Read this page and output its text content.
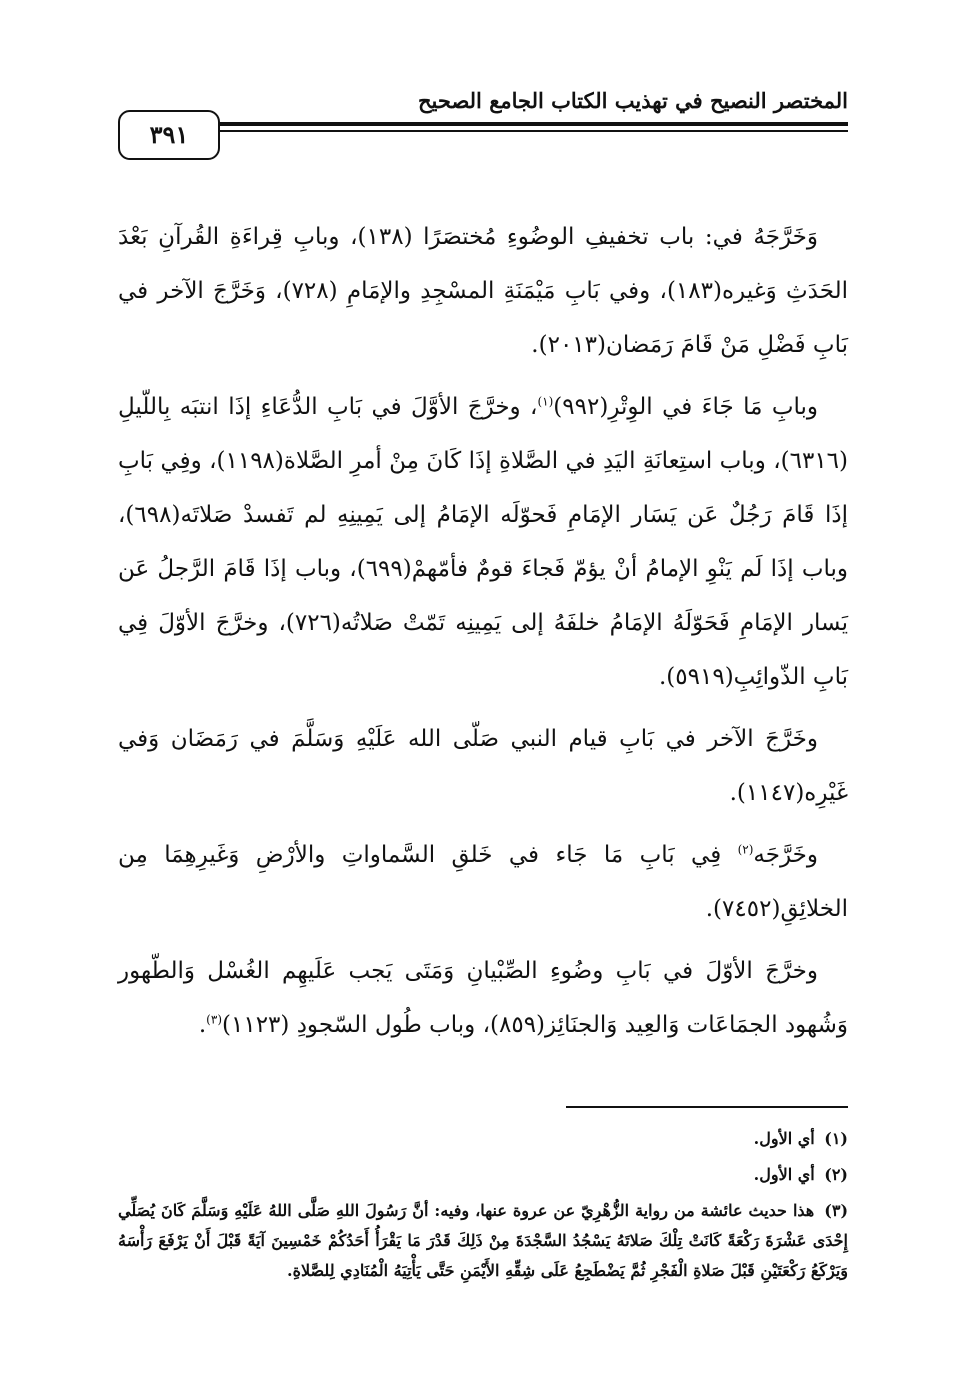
المختصر النصيح في تهذيب الكتاب الجامع الصحيح
٣٩١

وَخَرَّجَهُ في: باب تخفيفِ الوضُوءِ مُختصَرًا (١٣٨)، وبابِ قِراءَةِ القُرآنِ بَعْدَ الحَدَثِ وَغيره(١٨٣)، وفي بَابِ مَيْمَنَةِ المسْجِدِ والإمَامِ (٧٢٨)، وَخَرَّجَ الآخر في بَابِ فَضْلِ مَنْ قَامَ رَمَضان(٢٠١٣).

وبابِ مَا جَاءَ في الوِتْرِ(٩٩٢)$^{(١)}$، وخرَّجَ الأوَّلَ في بَابِ الدُّعَاءِ إذَا انتبَه بِاللّيلِ (٦٣١٦)، وباب استِعانَةِ اليَدِ في الصَّلاةِ إذَا كَانَ مِنْ أمرِ الصَّلاة(١١٩٨)، وفِي بَابِ إذَا قَامَ رَجُلٌ عَن يَسَار الإمَامِ فَحوّلَه الإمَامُ إلى يَمِينِهِ لم تَفسدْ صَلاتَه(٦٩٨)، وباب إذَا لَم يَنْوِ الإمامُ أنْ يؤمّ فَجاءَ قومٌ فأمّهمْ(٦٩٩)، وباب إذَا قَامَ الرَّجلُ عَن يَسار الإمَامِ فَحَوّلَهُ الإمَامُ خلفَهُ إلى يَمِينِه تَمّتْ صَلاتُه(٧٢٦)، وخرَّجَ الأوّلَ فِي بَابِ الذّوائِبِ(٥٩١٩).

وخَرَّجَ الآخر في بَابِ قيام النبي صَلّى الله عَلَيْهِ وَسَلَّمَ في رَمَضَان وَفي غَيْرِه(١١٤٧).

وخَرَّجَه$^{(٢)}$ فِي بَابِ مَا جَاء في خَلقِ السَّماواتِ والأرْضِ وَغَيرِهِمَا مِن الخلائِقِ(٧٤٥٢).

وخرَّجَ الأوّلَ في بَابِ وضُوءِ الصِّبْيانِ وَمَتَى يَجب عَلَيهِم الغُسْل وَالطّهور وَشُهود الجمَاعَات وَالعِيد وَالجنَائِز(٨٥٩)، وباب طُول السّجودِ (١١٢٣)$^{(٣)}$.

(١) أي الأول.

(٢) أي الأول.

(٣) هذا حديث عائشة من رواية الزُّهْرِيّ عن عروة عنها، وفيه: أنَّ رَسُولَ اللهِ صَلَّى اللهُ عَلَيْهِ وَسَلَّمَ كَانَ يُصَلِّي إِحْدَى عَشْرَةَ رَكْعَةً كَانَتْ تِلْكَ صَلاتَهُ يَسْجُدُ السَّجْدَةَ مِنْ ذَلِكَ قَدْرَ مَا يَقْرَأُ أَحَدُكُمْ خَمْسِينَ آيَةً قَبْلَ أَنْ يَرْفَعَ رَأْسَهُ وَيَرْكَعُ رَكْعَتَيْنِ قَبْلَ صَلاةِ الْفَجْرِ ثُمَّ يَضْطَجِعُ عَلَى شِقِّهِ الأَيْمَنِ حَتَّى يَأْتِيَهُ الْمُنَادِي لِلصَّلاةِ.
